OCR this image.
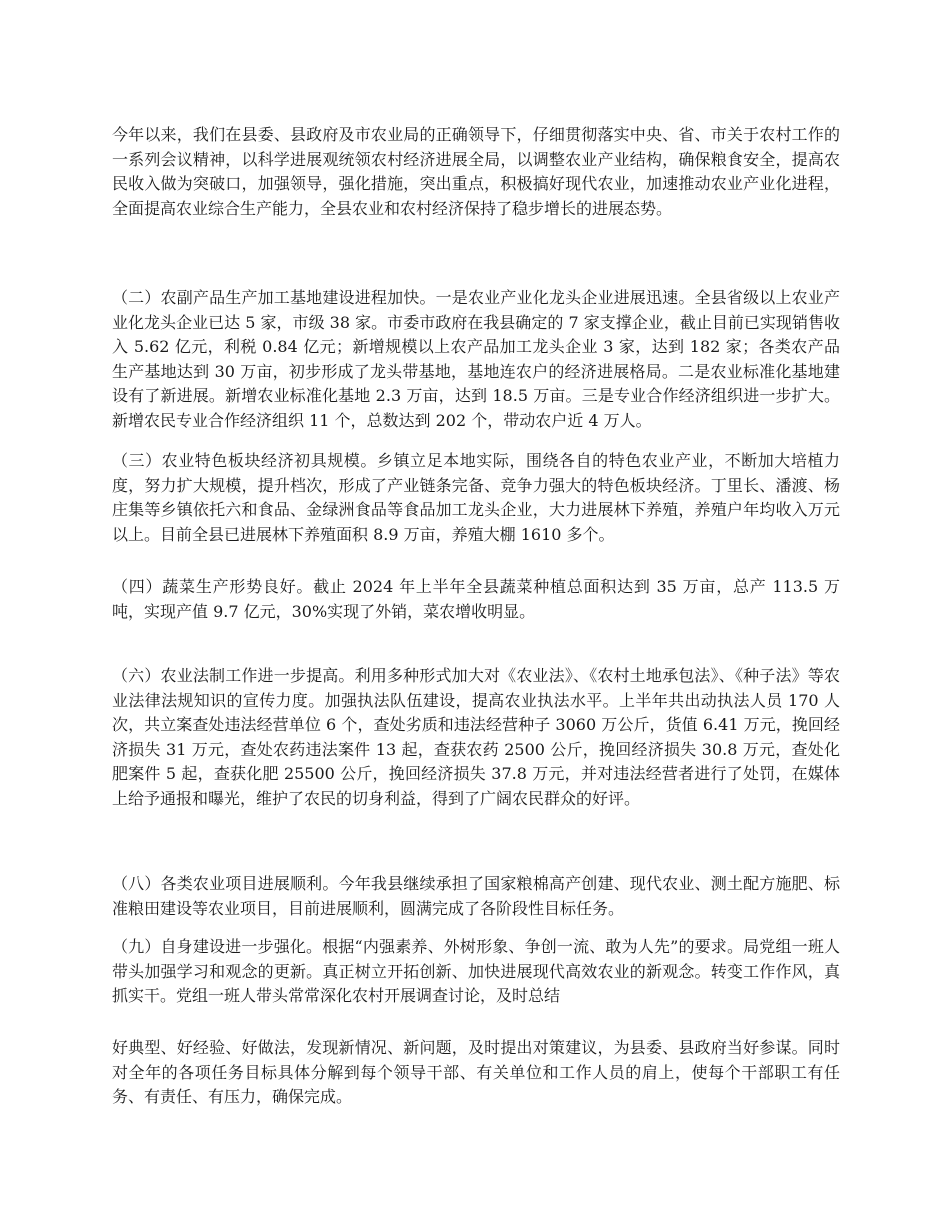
今年以来，我们在县委、县政府及市农业局的正确领导下，仔细贯彻落实中央、省、市关于农村工作的一系列会议精神，以科学进展观统领农村经济进展全局，以调整农业产业结构，确保粮食安全，提高农民收入做为突破口，加强领导，强化措施，突出重点，积极搞好现代农业，加速推动农业产业化进程，全面提高农业综合生产能力，全县农业和农村经济保持了稳步增长的进展态势。

（二）农副产品生产加工基地建设进程加快。一是农业产业化龙头企业进展迅速。全县省级以上农业产业化龙头企业已达 5 家，市级 38 家。市委市政府在我县确定的 7 家支撑企业，截止目前已实现销售收入 5.62 亿元，利税 0.84 亿元；新增规模以上农产品加工龙头企业 3 家，达到 182 家；各类农产品生产基地达到 30 万亩，初步形成了龙头带基地，基地连农户的经济进展格局。二是农业标准化基地建设有了新进展。新增农业标准化基地 2.3 万亩，达到 18.5 万亩。三是专业合作经济组织进一步扩大。新增农民专业合作经济组织 11 个，总数达到 202 个，带动农户近 4 万人。

（三）农业特色板块经济初具规模。乡镇立足本地实际，围绕各自的特色农业产业，不断加大培植力度，努力扩大规模，提升档次，形成了产业链条完备、竞争力强大的特色板块经济。丁里长、潘渡、杨庄集等乡镇依托六和食品、金绿洲食品等食品加工龙头企业，大力进展林下养殖，养殖户年均收入万元以上。目前全县已进展林下养殖面积 8.9 万亩，养殖大棚 1610 多个。

（四）蔬菜生产形势良好。截止 2024 年上半年全县蔬菜种植总面积达到 35 万亩，总产 113.5 万吨，实现产值 9.7 亿元，30%实现了外销，菜农增收明显。

（六）农业法制工作进一步提高。利用多种形式加大对《农业法》、《农村土地承包法》、《种子法》等农业法律法规知识的宣传力度。加强执法队伍建设，提高农业执法水平。上半年共出动执法人员 170 人次，共立案查处违法经营单位 6 个，查处劣质和违法经营种子 3060 万公斤，货值 6.41 万元，挽回经济损失 31 万元，查处农药违法案件 13 起，查获农药 2500 公斤，挽回经济损失 30.8 万元，查处化肥案件 5 起，查获化肥 25500 公斤，挽回经济损失 37.8 万元，并对违法经营者进行了处罚，在媒体上给予通报和曝光，维护了农民的切身利益，得到了广阔农民群众的好评。

（八）各类农业项目进展顺利。今年我县继续承担了国家粮棉高产创建、现代农业、测土配方施肥、标准粮田建设等农业项目，目前进展顺利，圆满完成了各阶段性目标任务。

（九）自身建设进一步强化。根据“内强素养、外树形象、争创一流、敢为人先”的要求。局党组一班人带头加强学习和观念的更新。真正树立开拓创新、加快进展现代高效农业的新观念。转变工作作风，真抓实干。党组一班人带头常常深化农村开展调查讨论，及时总结

好典型、好经验、好做法，发现新情况、新问题，及时提出对策建议，为县委、县政府当好参谋。同时对全年的各项任务目标具体分解到每个领导干部、有关单位和工作人员的肩上，使每个干部职工有任务、有责任、有压力，确保完成。
